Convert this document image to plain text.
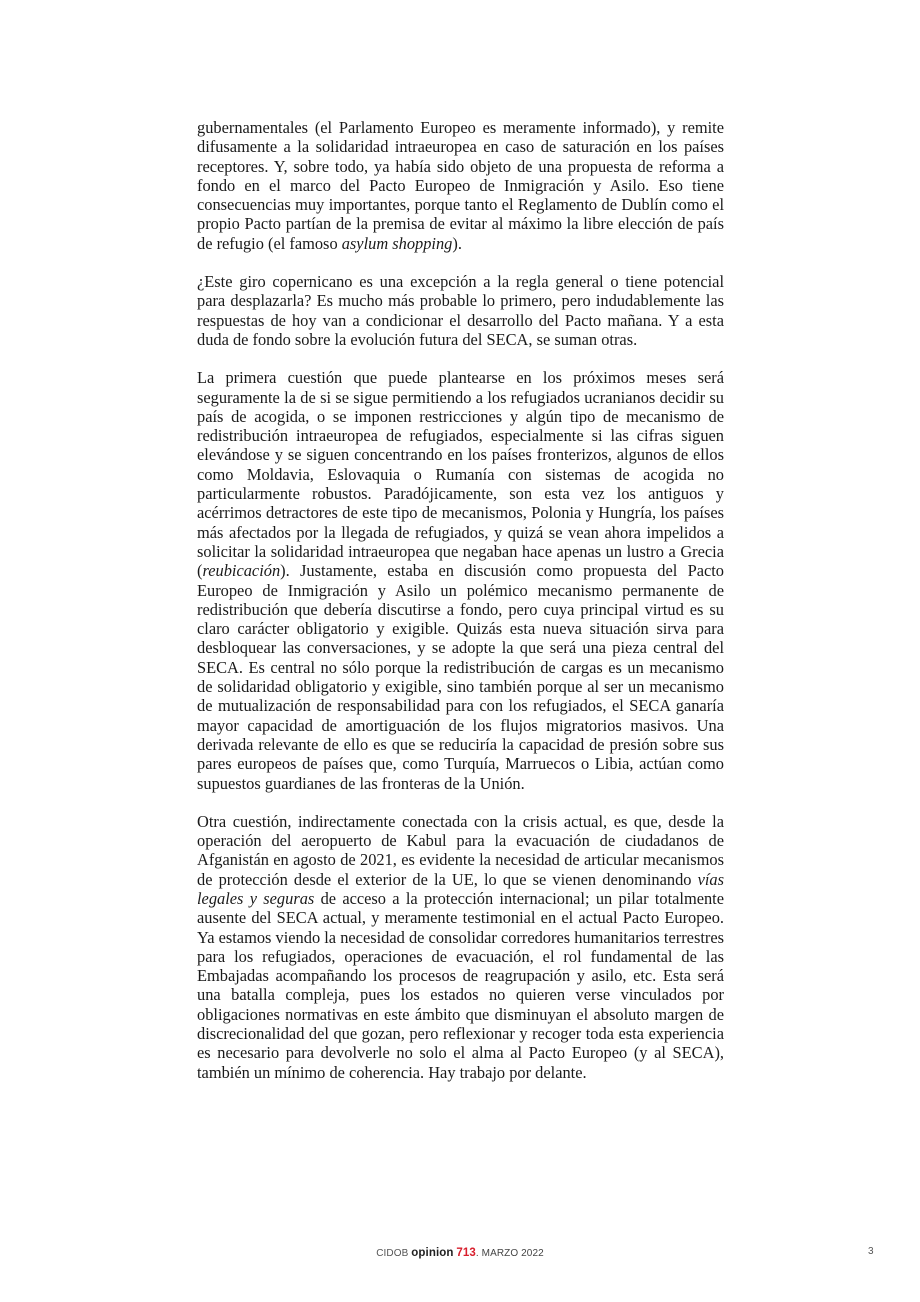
gubernamentales (el Parlamento Europeo es meramente informado), y remite difusamente a la solidaridad intraeuropea en caso de saturación en los países receptores. Y, sobre todo, ya había sido objeto de una propuesta de reforma a fondo en el marco del Pacto Europeo de Inmigración y Asilo. Eso tiene consecuencias muy importantes, porque tanto el Reglamento de Dublín como el propio Pacto partían de la premisa de evitar al máximo la libre elección de país de refugio (el famoso asylum shopping).

¿Este giro copernicano es una excepción a la regla general o tiene potencial para desplazarla? Es mucho más probable lo primero, pero indudablemente las respuestas de hoy van a condicionar el desarrollo del Pacto mañana. Y a esta duda de fondo sobre la evolución futura del SECA, se suman otras.

La primera cuestión que puede plantearse en los próximos meses será seguramente la de si se sigue permitiendo a los refugiados ucranianos decidir su país de acogida, o se imponen restricciones y algún tipo de mecanismo de redistribución intraeuropea de refugiados, especialmente si las cifras siguen elevándose y se siguen concentrando en los países fronterizos, algunos de ellos como Moldavia, Eslovaquia o Rumanía con sistemas de acogida no particularmente robustos. Paradójicamente, son esta vez los antiguos y acérrimos detractores de este tipo de mecanismos, Polonia y Hungría, los países más afectados por la llegada de refugiados, y quizá se vean ahora impelidos a solicitar la solidaridad intraeuropea que negaban hace apenas un lustro a Grecia (reubicación). Justamente, estaba en discusión como propuesta del Pacto Europeo de Inmigración y Asilo un polémico mecanismo permanente de redistribución que debería discutirse a fondo, pero cuya principal virtud es su claro carácter obligatorio y exigible. Quizás esta nueva situación sirva para desbloquear las conversaciones, y se adopte la que será una pieza central del SECA. Es central no sólo porque la redistribución de cargas es un mecanismo de solidaridad obligatorio y exigible, sino también porque al ser un mecanismo de mutualización de responsabilidad para con los refugiados, el SECA ganaría mayor capacidad de amortiguación de los flujos migratorios masivos. Una derivada relevante de ello es que se reduciría la capacidad de presión sobre sus pares europeos de países que, como Turquía, Marruecos o Libia, actúan como supuestos guardianes de las fronteras de la Unión.

Otra cuestión, indirectamente conectada con la crisis actual, es que, desde la operación del aeropuerto de Kabul para la evacuación de ciudadanos de Afganistán en agosto de 2021, es evidente la necesidad de articular mecanismos de protección desde el exterior de la UE, lo que se vienen denominando vías legales y seguras de acceso a la protección internacional; un pilar totalmente ausente del SECA actual, y meramente testimonial en el actual Pacto Europeo. Ya estamos viendo la necesidad de consolidar corredores humanitarios terrestres para los refugiados, operaciones de evacuación, el rol fundamental de las Embajadas acompañando los procesos de reagrupación y asilo, etc. Esta será una batalla compleja, pues los estados no quieren verse vinculados por obligaciones normativas en este ámbito que disminuyan el absoluto margen de discrecionalidad del que gozan, pero reflexionar y recoger toda esta experiencia es necesario para devolverle no solo el alma al Pacto Europeo (y al SECA), también un mínimo de coherencia. Hay trabajo por delante.

CIDOB opinion 713. MARZO 2022	3
